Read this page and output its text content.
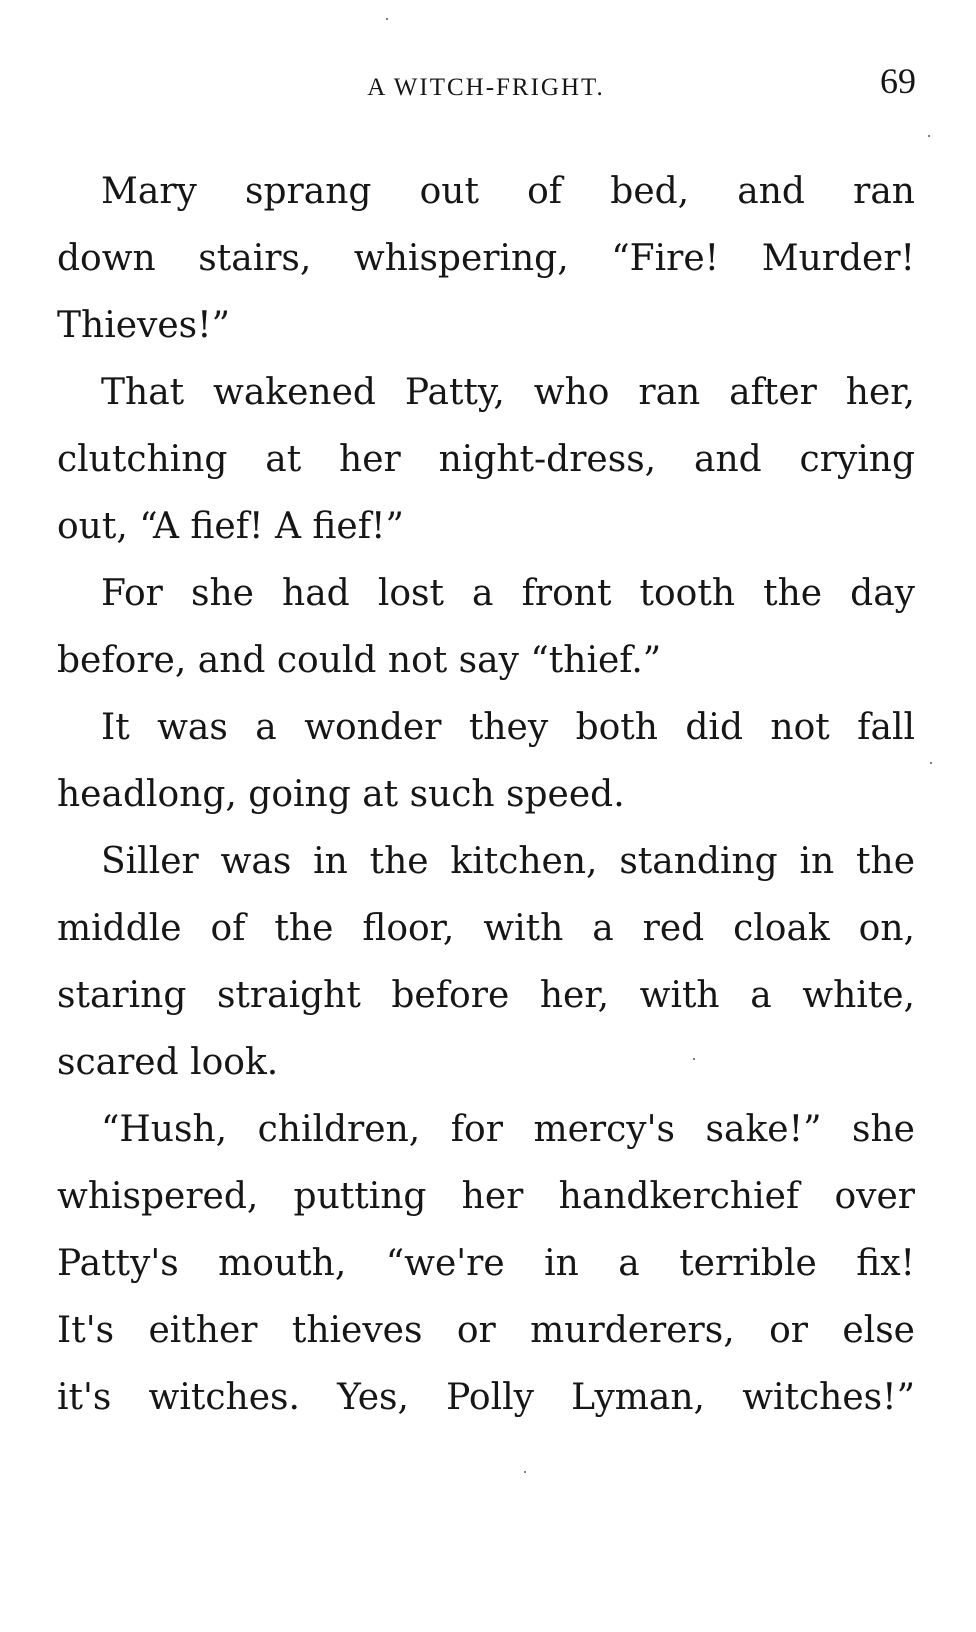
A WITCH-FRIGHT.	69
Mary sprang out of bed, and ran
down stairs, whispering, “Fire! Murder!
Thieves!”
That wakened Patty, who ran after her,
clutching at her night-dress, and crying
out, “A fief! A fief!”
For she had lost a front tooth the day
before, and could not say “thief.”
It was a wonder they both did not fall
headlong, going at such speed.
Siller was in the kitchen, standing in the
middle of the floor, with a red cloak on,
staring straight before her, with a white,
scared look.
“Hush, children, for mercy's sake!” she
whispered, putting her handkerchief over
Patty's mouth, “we're in a terrible fix!
It's either thieves or murderers, or else
it's witches. Yes, Polly Lyman, witches!”
